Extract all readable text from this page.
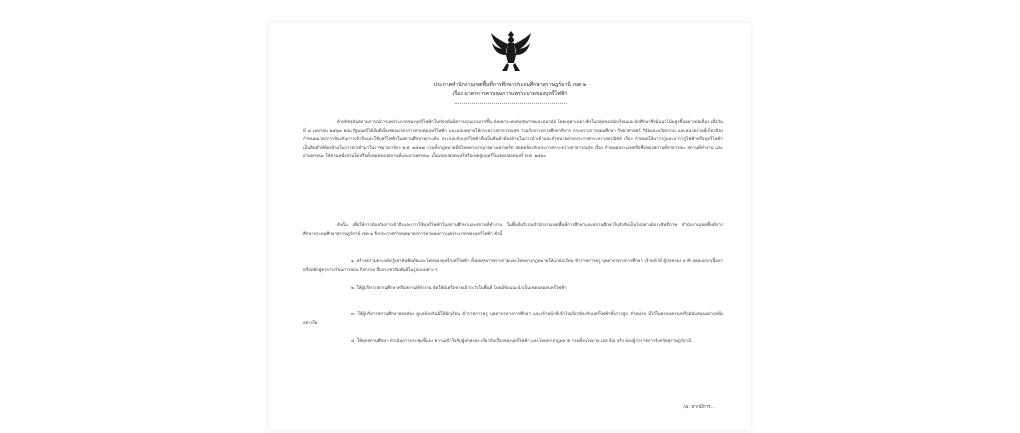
ประกาศสำนักงานเขตพื้นที่การศึกษาประถมศึกษาสุราษฎร์ธานี เขต ๒
เรื่อง มาตรการควบคุมการแพร่ระบาดของบุหรี่ไฟฟ้า

ด้วยปัจจุบันสถานการณ์การแพร่ระบาดของบุหรี่ไฟฟ้าในปัจจุบันมีความรุนแรงมากขึ้น ส่งผลกระทบต่อสุขภาพและอนามัย โดยเฉพาะอย่างยิ่งในกลุ่มของนักเรียนและนักศึกษาซึ่งมีแนวโน้มสูงขึ้นอย่างต่อเนื่อง เมื่อวันที่ ๘ เมษายน ๒๕๖๗ คณะรัฐมนตรีได้มีมติเห็นชอบมาตรการควบคุมบุหรี่ไฟฟ้า และมอบหมายให้กระทรวงสาธารณสุข ร่วมกับกระทรวงศึกษาธิการ กระทรวงการอุดมศึกษา วิทยาศาสตร์ วิจัยและนวัตกรรม และหน่วยงานที่เกี่ยวข้อง กำหนดมาตรการป้องกันการเข้าถึงและใช้บุหรี่ไฟฟ้าในสถานศึกษาทุกระดับ ประกอบกับบุหรี่ไฟฟ้าถือเป็นสินค้าต้องห้ามในการนำเข้าและจำหน่ายตามประกาศกระทรวงพาณิชย์ เรื่อง กำหนดให้บารากู่และบารากู่ไฟฟ้าหรือบุหรี่ไฟฟ้าเป็นสินค้าที่ต้องห้ามในการนำเข้ามาในราชอาณาจักร พ.ศ. ๒๕๕๗ รวมทั้งกฎหมายที่มีโทษทางอาญาอย่างเคร่งครัด สอดคล้องกับประกาศกระทรวงสาธารณสุข เรื่อง กำหนดประเภทหรือชื่อของสถานที่สาธารณะ สถานที่ทำงาน และยานพาหนะ ให้ส่วนหนึ่งส่วนใดหรือทั้งหมดของสถานที่และยานพาหนะ เป็นเขตปลอดบุหรี่หรือเขตสูบบุหรี่ในเขตปลอดบุหรี่ พ.ศ. ๒๕๖๐

ดังนั้น เพื่อให้การป้องกันการเข้าถึงและการใช้บุหรี่ไฟฟ้าในสถานศึกษาและสถานที่ทำงาน ในพื้นที่บริเวณสำนักงานเขตพื้นที่การศึกษาและสถานศึกษาในสังกัดเป็นไปอย่างมีประสิทธิภาพ สำนักงานเขตพื้นที่การศึกษาประถมศึกษาสุราษฎร์ธานี เขต ๒ จึงประกาศกำหนดมาตรการควบคุมการแพร่ระบาดของบุหรี่ไฟฟ้า ดังนี้

๑. สร้างความตระหนักรู้เท่าทันพิษภัยและโทษของบุหรี่/บุหรี่ไฟฟ้า ทั้งต่อสุขภาพร่างกายและโทษทางกฎหมายให้แก่นักเรียน ข้าราชการครู บุคลากรทางการศึกษา เจ้าหน้าที่ ผู้ปกครอง อาทิ สอดแทรกเนื้อหาหรือหลักสูตรการเรียนการสอน กิจกรรม สื่อประชาสัมพันธ์ในรูปแบบต่าง ๆ

๒. ให้ผู้บริหารสถานศึกษาหรือสถานที่ทำงาน จัดให้มีเครือข่ายเฝ้าระวังในพื้นที่ โดยมีข้อแนะนำเป็นเขตปลอดบุหรี่ไฟฟ้า

๓. ให้ผู้บริหารสถานศึกษาสอดส่อง ดูแลป้องกันมิให้นักเรียน ข้าราชการครู บุคลากรทางการศึกษา และเจ้าหน้าที่เข้าไปเกี่ยวข้องกับบุหรี่ไฟฟ้าทั้งการสูบ จำหน่าย มีไว้ในครอบครองหรือสนับสนุนอย่างหนึ่งอย่างใด

๔. ให้ทุกสถานศึกษา ดำเนินการประชุมชี้แจง ความเข้าใจกับผู้ปกครอง เกี่ยวกับเรื่องของบุหรี่ไฟฟ้า และโทษทางกฎหมาย รวมทั้งนโยบาย เอส จีเอ จริง ของผู้ว่าราชการจังหวัดสุราษฎร์ธานี

/๕. หากมีการ...
